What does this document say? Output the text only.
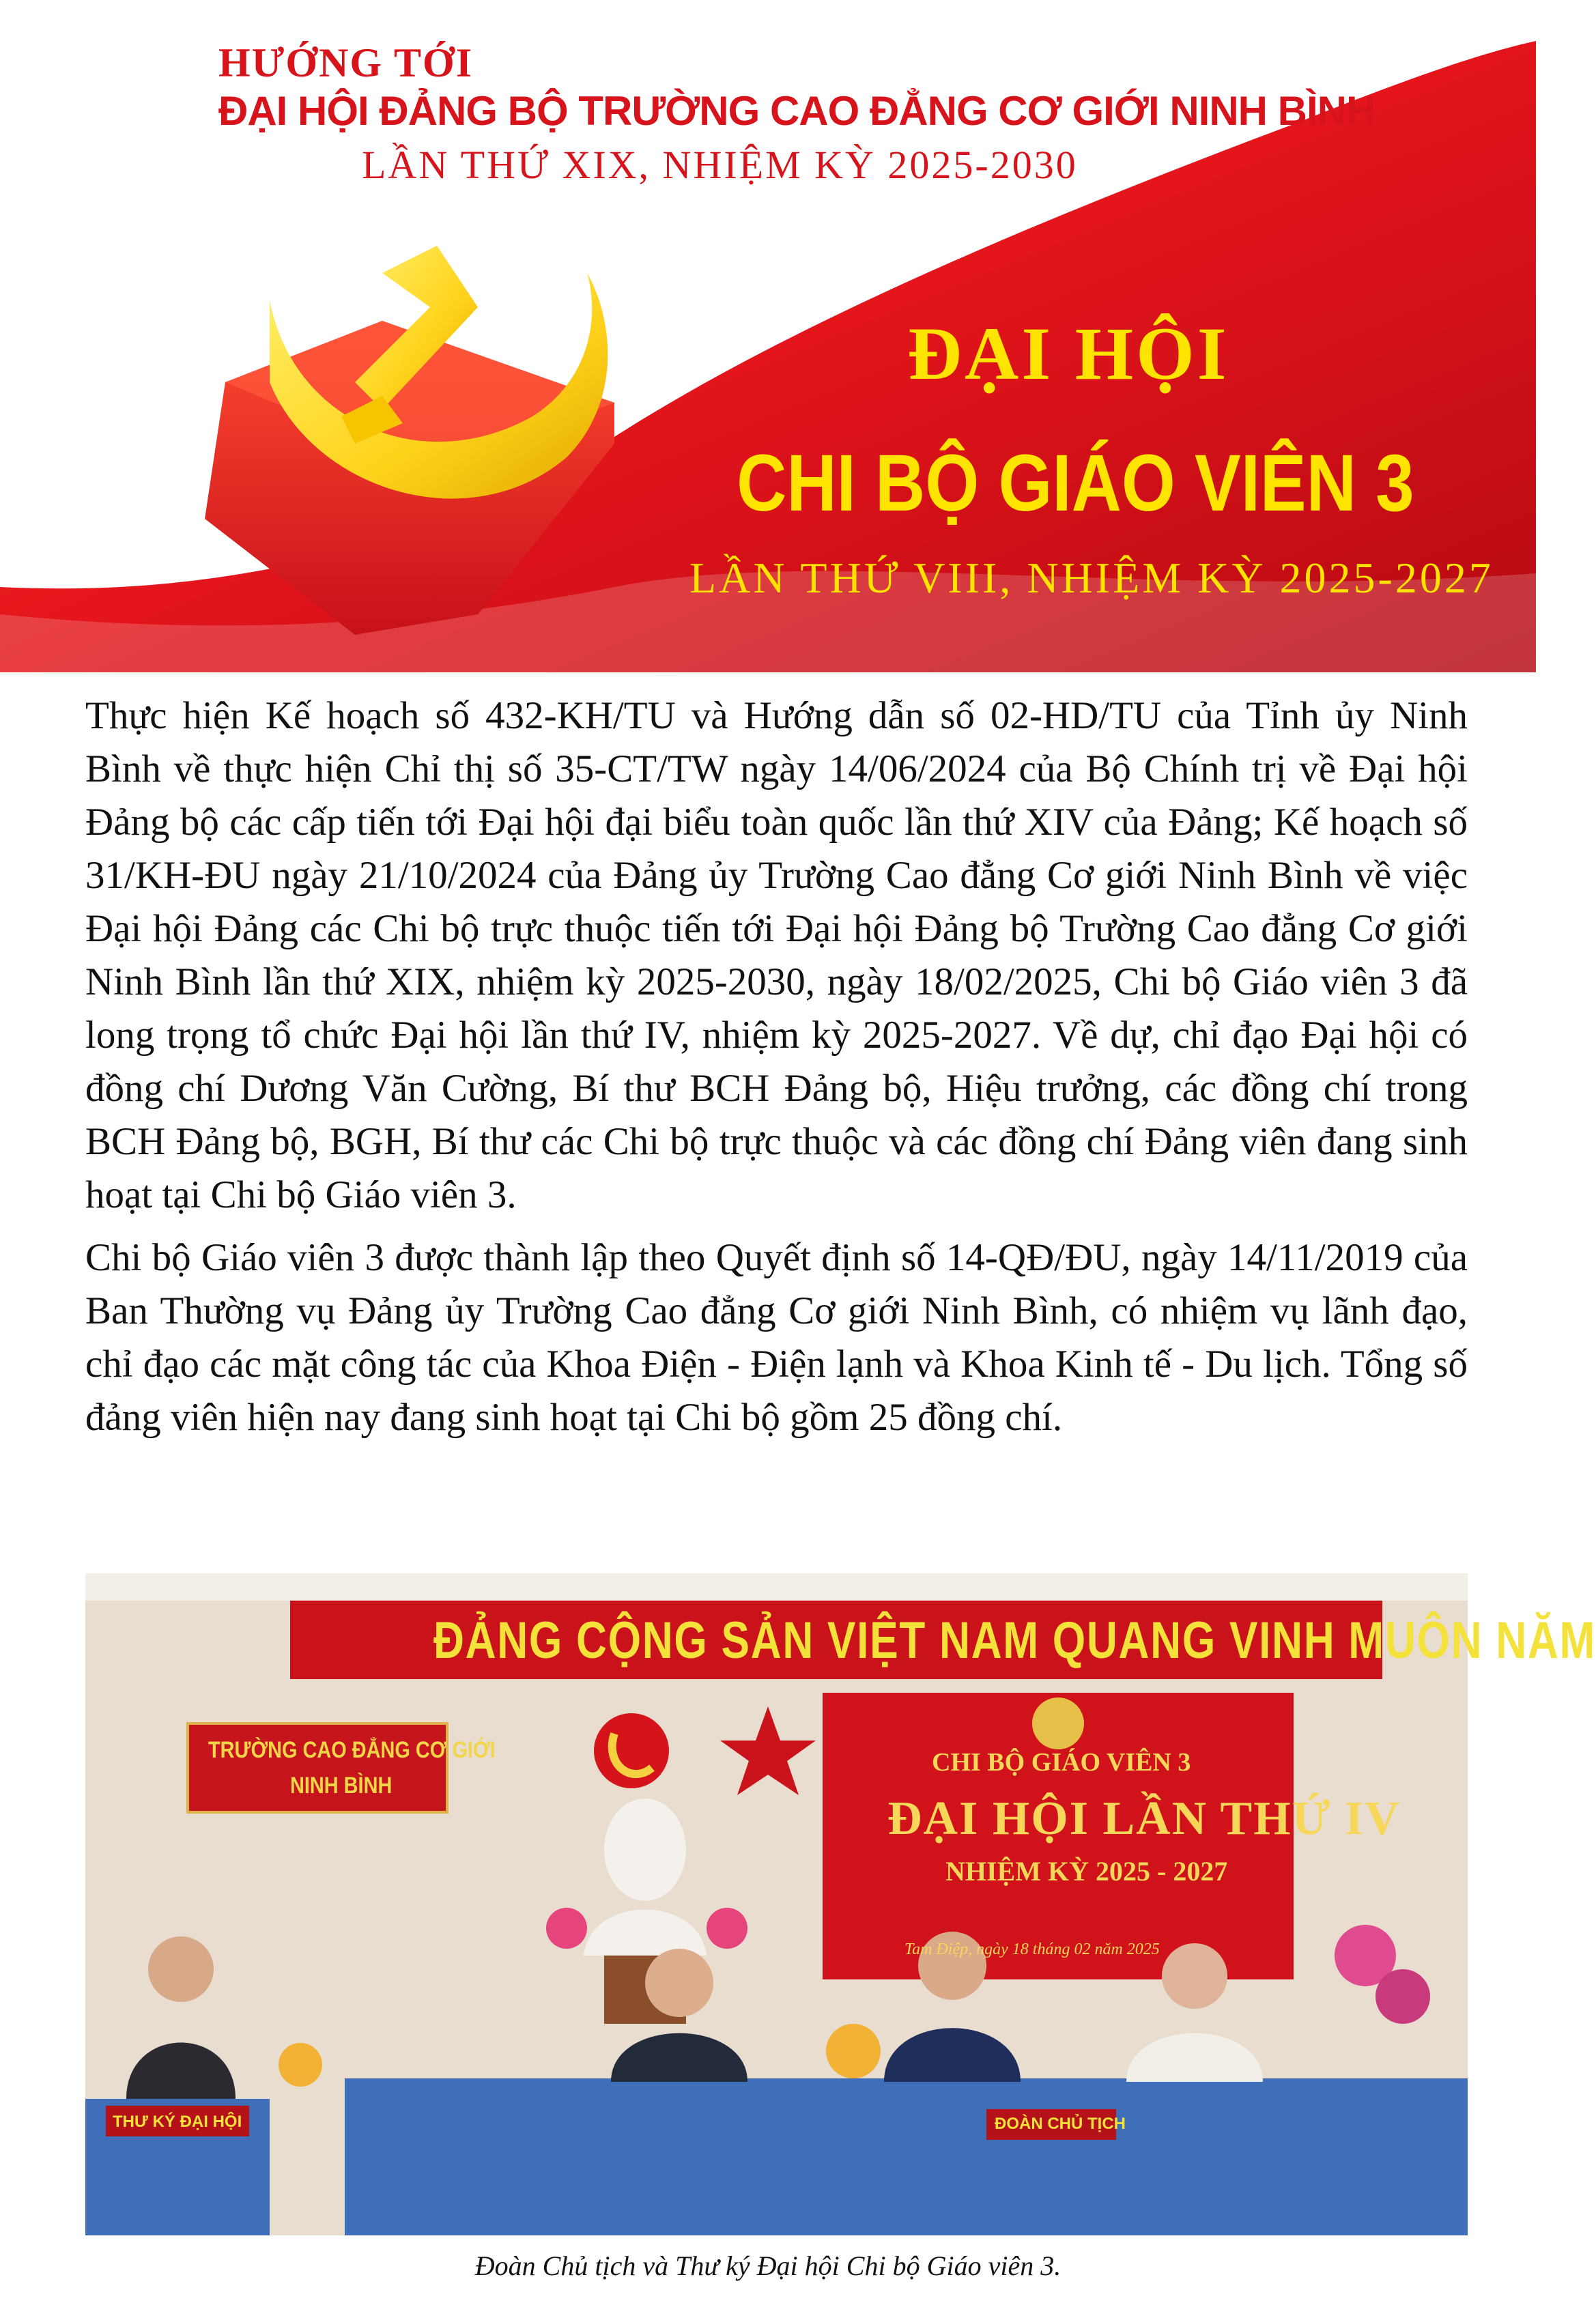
HƯỚNG TỚI

ĐẠI HỘI ĐẢNG BỘ TRƯỜNG CAO ĐẲNG CƠ GIỚI NINH BÌNH

LẦN THỨ XIX, NHIỆM KỲ 2025-2030

ĐẠI HỘI

CHI BỘ GIÁO VIÊN 3

LẦN THỨ VIII, NHIỆM KỲ 2025-2027

Thực hiện Kế hoạch số 432-KH/TU và Hướng dẫn số 02-HD/TU của Tỉnh ủy Ninh Bình về thực hiện Chỉ thị số 35-CT/TW ngày 14/06/2024 của Bộ Chính trị về Đại hội Đảng bộ các cấp tiến tới Đại hội đại biểu toàn quốc lần thứ XIV của Đảng; Kế hoạch số 31/KH-ĐU ngày 21/10/2024 của Đảng ủy Trường Cao đẳng Cơ giới Ninh Bình về việc Đại hội Đảng các Chi bộ trực thuộc tiến tới Đại hội Đảng bộ Trường Cao đẳng Cơ giới Ninh Bình lần thứ XIX, nhiệm kỳ 2025-2030, ngày 18/02/2025, Chi bộ Giáo viên 3 đã long trọng tổ chức Đại hội lần thứ IV, nhiệm kỳ 2025-2027. Về dự, chỉ đạo Đại hội có đồng chí Dương Văn Cường, Bí thư BCH Đảng bộ, Hiệu trưởng, các đồng chí trong BCH Đảng bộ, BGH, Bí thư các Chi bộ trực thuộc và các đồng chí Đảng viên đang sinh hoạt tại Chi bộ Giáo viên 3.

Chi bộ Giáo viên 3 được thành lập theo Quyết định số 14-QĐ/ĐU, ngày 14/11/2019 của Ban Thường vụ Đảng ủy Trường Cao đẳng Cơ giới Ninh Bình, có nhiệm vụ lãnh đạo, chỉ đạo các mặt công tác của Khoa Điện - Điện lạnh và Khoa Kinh tế - Du lịch. Tổng số đảng viên hiện nay đang sinh hoạt tại Chi bộ gồm 25 đồng chí.

ĐẢNG CỘNG SẢN VIỆT NAM QUANG VINH MUÔN NĂM
TRƯỜNG CAO ĐẲNG CƠ GIỚI
NINH BÌNH
CHI BỘ GIÁO VIÊN 3
ĐẠI HỘI LẦN THỨ IV
NHIỆM KỲ 2025 - 2027
Tam Điệp, ngày 18 tháng 02 năm 2025
THƯ KÝ ĐẠI HỘI	ĐOÀN CHỦ TỊCH
Đoàn Chủ tịch và Thư ký Đại hội Chi bộ Giáo viên 3.
